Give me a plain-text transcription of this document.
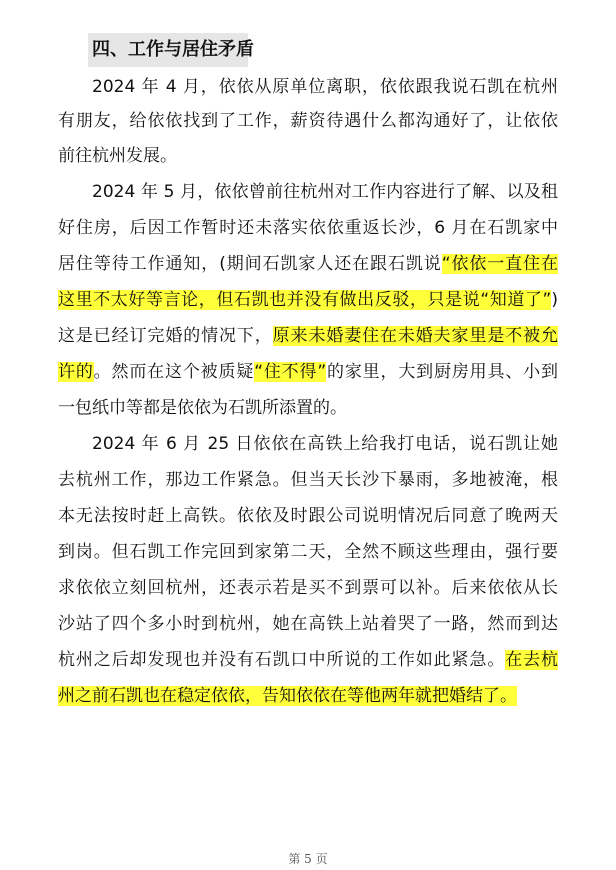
四、工作与居住矛盾
2024 年 4 月，依依从原单位离职，依依跟我说石凯在杭州
有朋友，给依依找到了工作，薪资待遇什么都沟通好了，让依依
前往杭州发展。
2024 年 5 月，依依曾前往杭州对工作内容进行了解、以及租
好住房，后因工作暂时还未落实依依重返长沙，6 月在石凯家中
居住等待工作通知，(期间石凯家人还在跟石凯说“依依一直住在
这里不太好等言论，但石凯也并没有做出反驳，只是说“知道了”)
这是已经订完婚的情况下，原来未婚妻住在未婚夫家里是不被允
许的。然而在这个被质疑“住不得”的家里，大到厨房用具、小到
一包纸巾等都是依依为石凯所添置的。
2024 年 6 月 25 日依依在高铁上给我打电话，说石凯让她
去杭州工作，那边工作紧急。但当天长沙下暴雨，多地被淹，根
本无法按时赶上高铁。依依及时跟公司说明情况后同意了晚两天
到岗。但石凯工作完回到家第二天，全然不顾这些理由，强行要
求依依立刻回杭州，还表示若是买不到票可以补。后来依依从长
沙站了四个多小时到杭州，她在高铁上站着哭了一路，然而到达
杭州之后却发现也并没有石凯口中所说的工作如此紧急。在去杭
州之前石凯也在稳定依依，告知依依在等他两年就把婚结了。
第 5 页
